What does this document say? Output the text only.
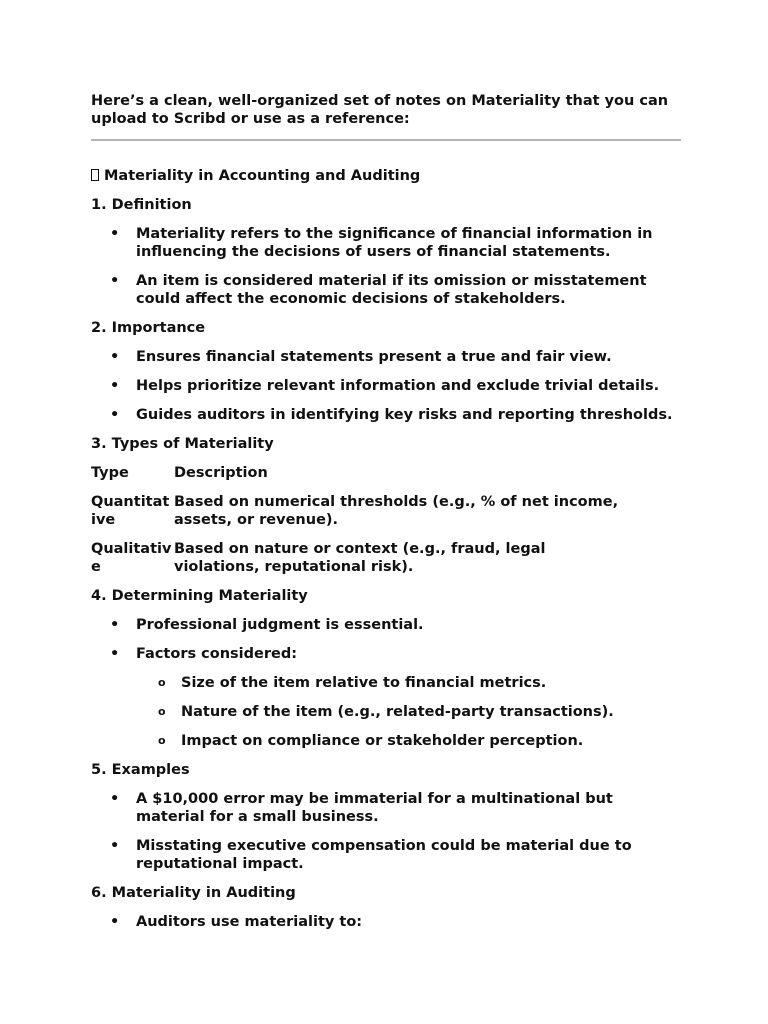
Here’s a clean, well-organized set of notes on Materiality that you can upload to Scribd or use as a reference:

Materiality in Accounting and Auditing

1. Definition

• Materiality refers to the significance of financial information in influencing the decisions of users of financial statements.
• An item is considered material if its omission or misstatement could affect the economic decisions of stakeholders.

2. Importance

• Ensures financial statements present a true and fair view.
• Helps prioritize relevant information and exclude trivial details.
• Guides auditors in identifying key risks and reporting thresholds.

3. Types of Materiality

Type	Description
Quantitative
Based on numerical thresholds (e.g., % of net income, assets, or revenue).
Qualitative
Based on nature or context (e.g., fraud, legal violations, reputational risk).

4. Determining Materiality

• Professional judgment is essential.
• Factors considered:
o Size of the item relative to financial metrics.
o Nature of the item (e.g., related-party transactions).
o Impact on compliance or stakeholder perception.

5. Examples

• A $10,000 error may be immaterial for a multinational but material for a small business.
• Misstating executive compensation could be material due to reputational impact.

6. Materiality in Auditing

• Auditors use materiality to:
